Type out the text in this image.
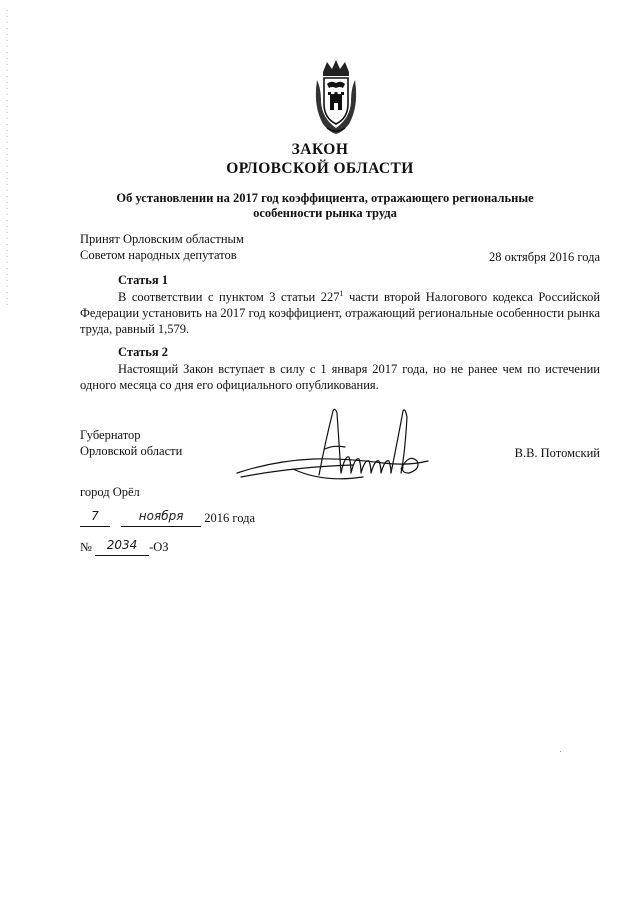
ЗАКОН
ОРЛОВСКОЙ ОБЛАСТИ
Об установлении на 2017 год коэффициента, отражающего региональные
особенности рынка труда
Принят Орловским областным
Советом народных депутатов	28 октября 2016 года
Статья 1
В соответствии с пунктом 3 статьи $227^1$ части второй Налогового кодекса Российской Федерации установить на 2017 год коэффициент, отражающий региональные особенности рынка труда, равный 1,579.
Статья 2
Настоящий Закон вступает в силу с 1 января 2017 года, но не ранее чем по истечении одного месяца со дня его официального опубликования.
Губернатор
Орловской области	В.В. Потомский
город Орёл
7	ноября 2016 года
№ 2034 -ОЗ
